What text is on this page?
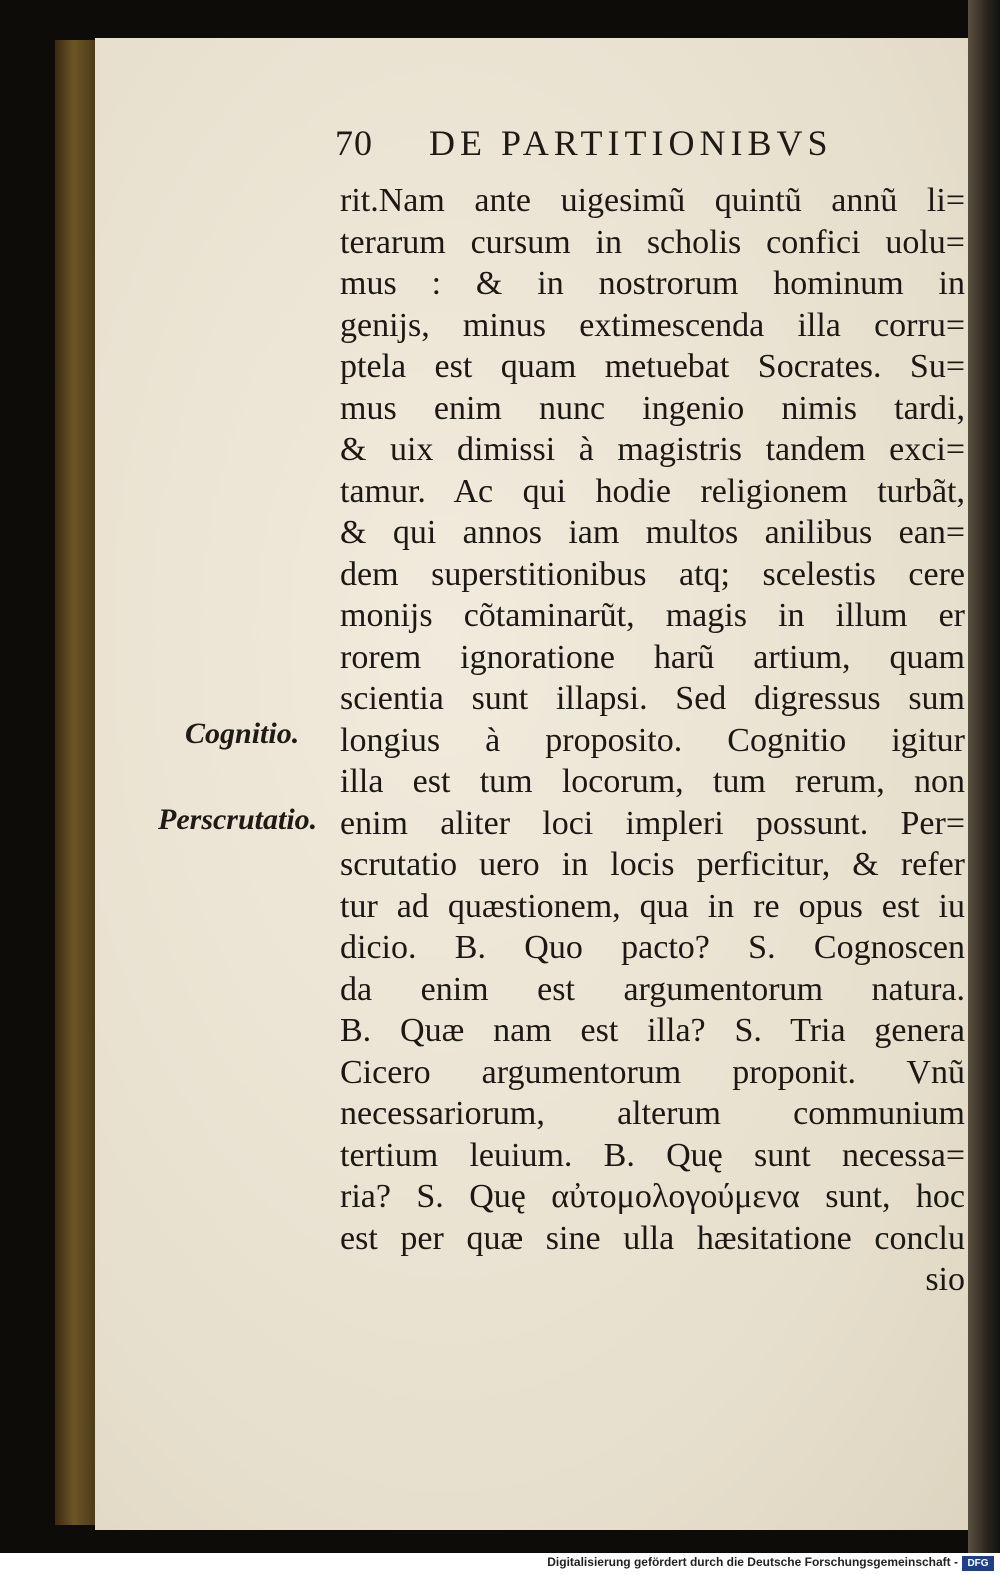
70 DE PARTITIONIBVS
rit.Nam ante uigesimũ quintũ annũ li=
terarum cursum in scholis confici uolu=
mus : & in nostrorum hominum in
genijs, minus extimescenda illa corru=
ptela est quam metuebat Socrates. Su=
mus enim nunc ingenio nimis tardi,
& uix dimissi à magistris tandem exci=
tamur. Ac qui hodie religionem turbãt,
& qui annos iam multos anilibus ean=
dem superstitionibus atq; scelestis cere
monijs cõtaminarũt, magis in illum er
rorem ignoratione harũ artium, quam
scientia sunt illapsi. Sed digressus sum
longius à proposito. Cognitio igitur
illa est tum locorum, tum rerum, non
enim aliter loci impleri possunt. Per=
scrutatio uero in locis perficitur, & refer
tur ad quæstionem, qua in re opus est iu
dicio. B. Quo pacto? S. Cognoscen
da enim est argumentorum natura.
B. Quæ nam est illa? S. Tria genera
Cicero argumentorum proponit. Vnũ
necessariorum, alterum communium
tertium leuium. B. Quę sunt necessa=
ria? S. Quę αὐτομολογούμενα sunt, hoc
est per quæ sine ulla hæsitatione conclu
sio
Cognitio.
Perscrutatio.
Digitalisierung gefördert durch die Deutsche Forschungsgemeinschaft - DFG
